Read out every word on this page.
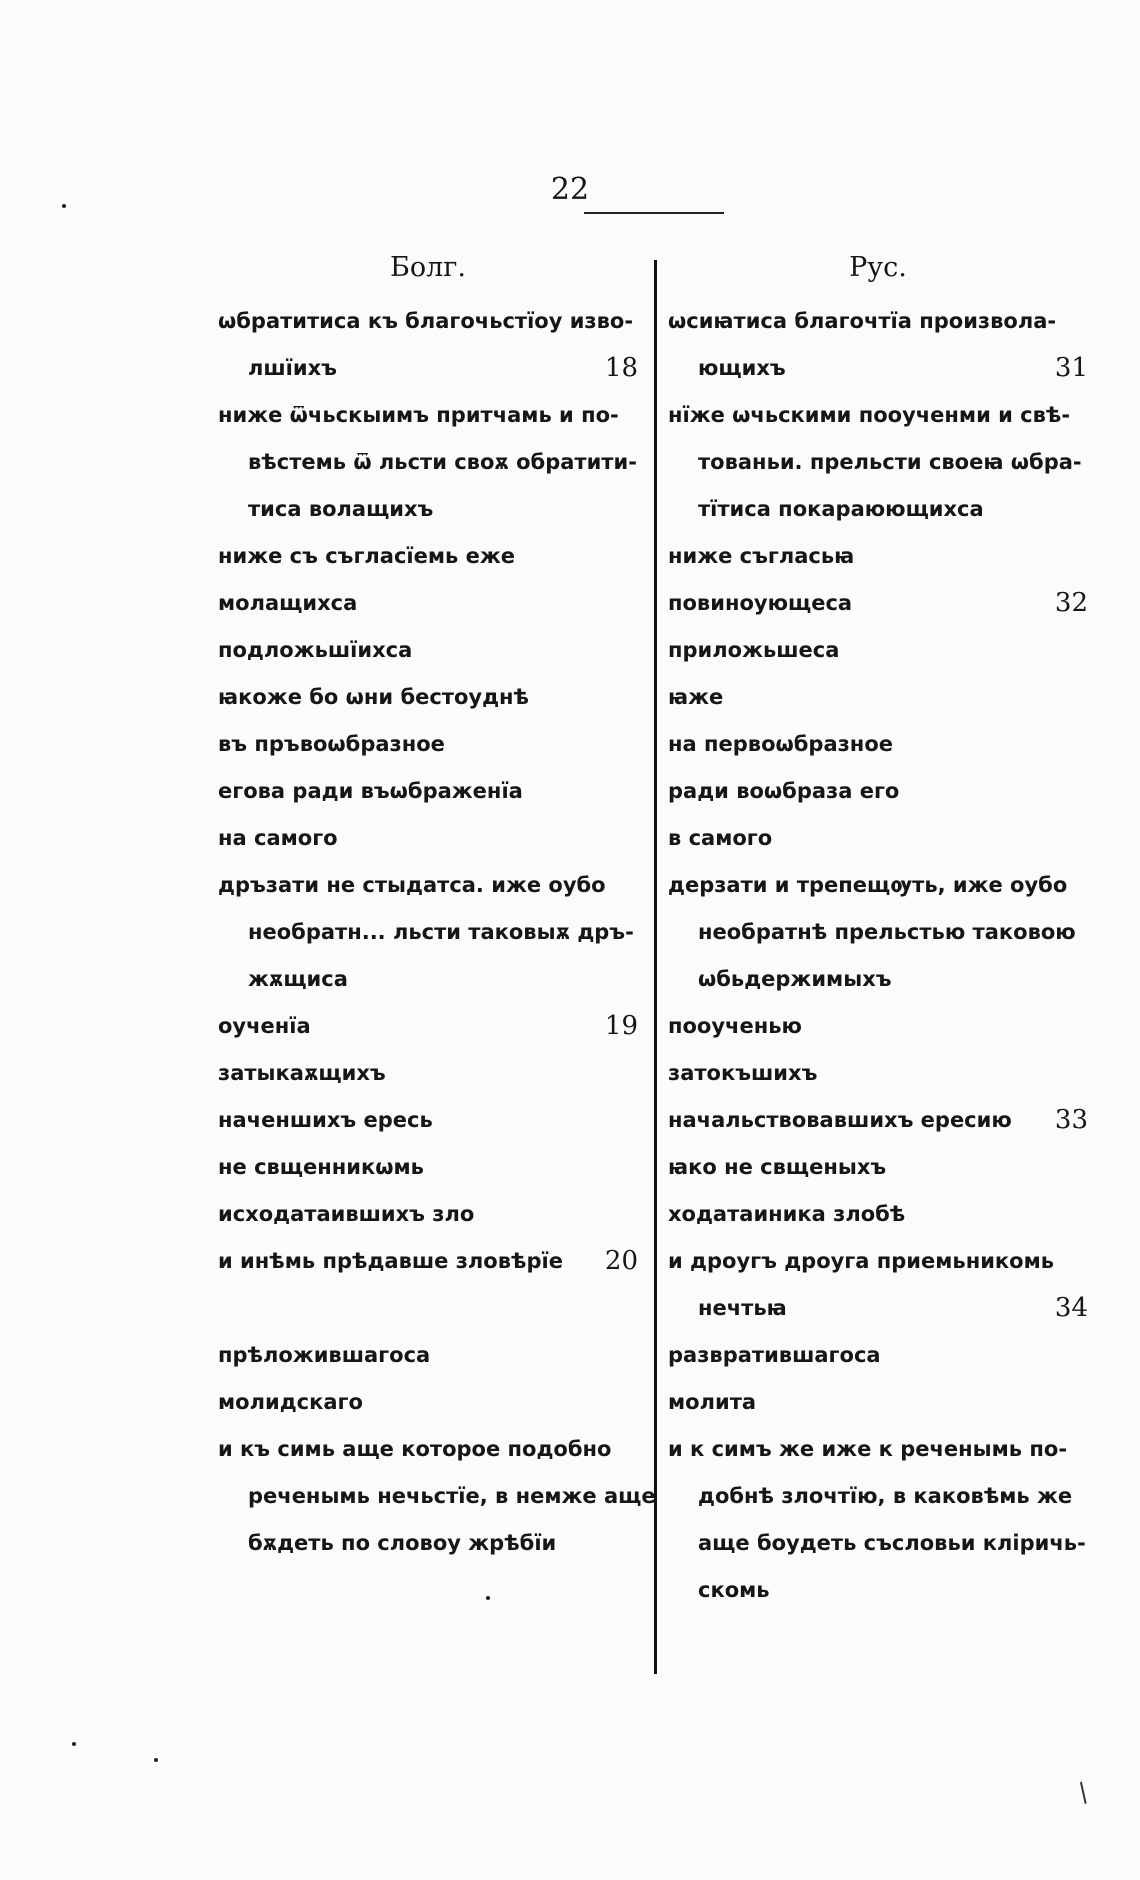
22
Болг.
ѡбратитиса къ благочьстїоу изво-
лшїихъ	18
ниже ѿчьскыимъ притчамь и по-
вѣстемь ѿ льсти своѫ обратити-
тиса волащихъ
ниже съ съгласїемь еже
молащихса
подложьшїихса
ꙗкоже бо ѡни бестоуднѣ
въ пръвоѡбразное
егова ради въѡбраженїа
на самого
дръзати не стыдатса. иже оубо
необратн... льсти таковыѫ дръ-
жѫщиса
оученїа	19
затыкаѫщихъ
наченшихъ ересь
не свщенникѡмь
исходатаившихъ зло
и инѣмь прѣдавше зловѣрїе 20
прѣложившагоса
молидскаго
и къ симь аще которое подобно
реченымь нечьстїе, в немже аще
бѫдеть по словоу жрѣбїи
Рус.
ѡсиꙗтиса благочтїа произвола-
ющихъ	31
нїже ѡчьскими пооученми и свѣ-
тованьи. прельсти своеꙗ ѡбра-
тїтиса покараюющихса
ниже съгласьꙗ
повиноующеса	32
приложьшеса
ꙗже
на первоѡбразное
ради воѡбраза его
в самого
дерзати и трепещѹть, иже оубо
необратнѣ прельстью таковою
ѡбьдержимыхъ
пооученью
затокъшихъ
начальствовавшихъ ересию 33
ꙗко не свщеныхъ
ходатаиника злобѣ
и дроугъ дроуга приемьникомь
нечтьꙗ	34
развратившагоса
молита
и к симъ же иже к реченымь по-
добнѣ злочтїю, в каковѣмь же
аще боудеть съсловьи кліричь-
скомь
/
